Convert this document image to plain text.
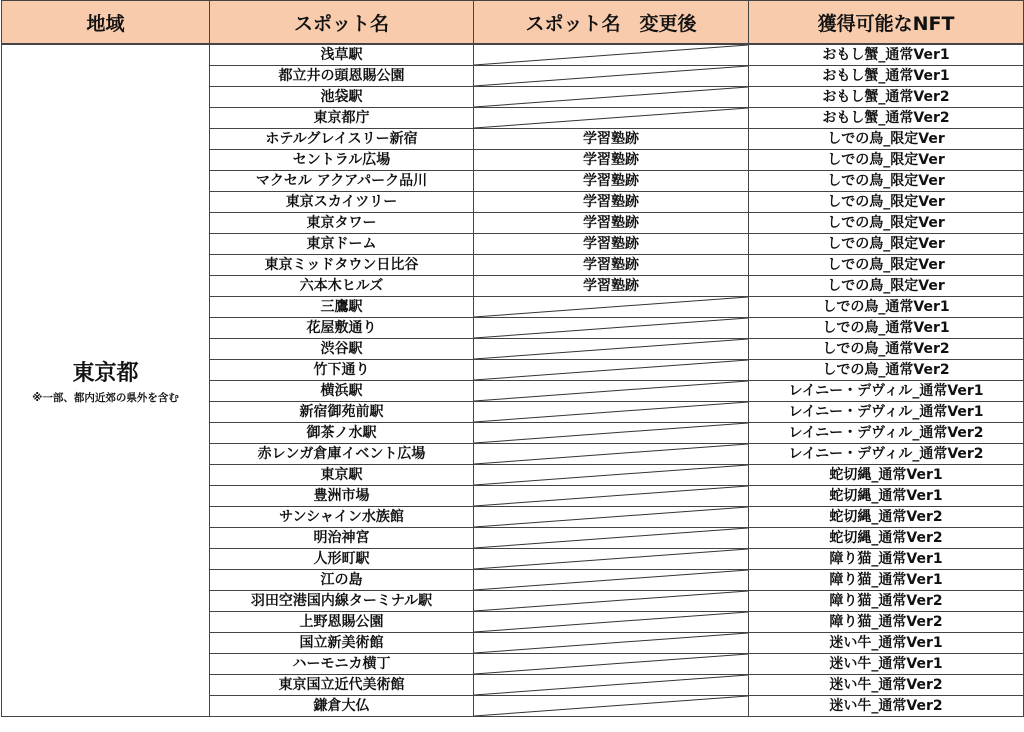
地域	スポット名	スポット名　変更後	獲得可能なNFT

東京都
※一部、都内近郊の県外を含む	浅草駅		おもし蟹_通常Ver1
	都立井の頭恩賜公園		おもし蟹_通常Ver1
	池袋駅		おもし蟹_通常Ver2
	東京都庁		おもし蟹_通常Ver2
	ホテルグレイスリー新宿	学習塾跡	しでの鳥_限定Ver
	セントラル広場	学習塾跡	しでの鳥_限定Ver
	マクセル アクアパーク品川	学習塾跡	しでの鳥_限定Ver
	東京スカイツリー	学習塾跡	しでの鳥_限定Ver
	東京タワー	学習塾跡	しでの鳥_限定Ver
	東京ドーム	学習塾跡	しでの鳥_限定Ver
	東京ミッドタウン日比谷	学習塾跡	しでの鳥_限定Ver
	六本木ヒルズ	学習塾跡	しでの鳥_限定Ver
	三鷹駅		しでの鳥_通常Ver1
	花屋敷通り		しでの鳥_通常Ver1
	渋谷駅		しでの鳥_通常Ver2
	竹下通り		しでの鳥_通常Ver2
	横浜駅		レイニー・デヴィル_通常Ver1
	新宿御苑前駅		レイニー・デヴィル_通常Ver1
	御茶ノ水駅		レイニー・デヴィル_通常Ver2
	赤レンガ倉庫イベント広場		レイニー・デヴィル_通常Ver2
	東京駅		蛇切縄_通常Ver1
	豊洲市場		蛇切縄_通常Ver1
	サンシャイン水族館		蛇切縄_通常Ver2
	明治神宮		蛇切縄_通常Ver2
	人形町駅		障り猫_通常Ver1
	江の島		障り猫_通常Ver1
	羽田空港国内線ターミナル駅		障り猫_通常Ver2
	上野恩賜公園		障り猫_通常Ver2
	国立新美術館		迷い牛_通常Ver1
	ハーモニカ横丁		迷い牛_通常Ver1
	東京国立近代美術館		迷い牛_通常Ver2
	鎌倉大仏		迷い牛_通常Ver2
